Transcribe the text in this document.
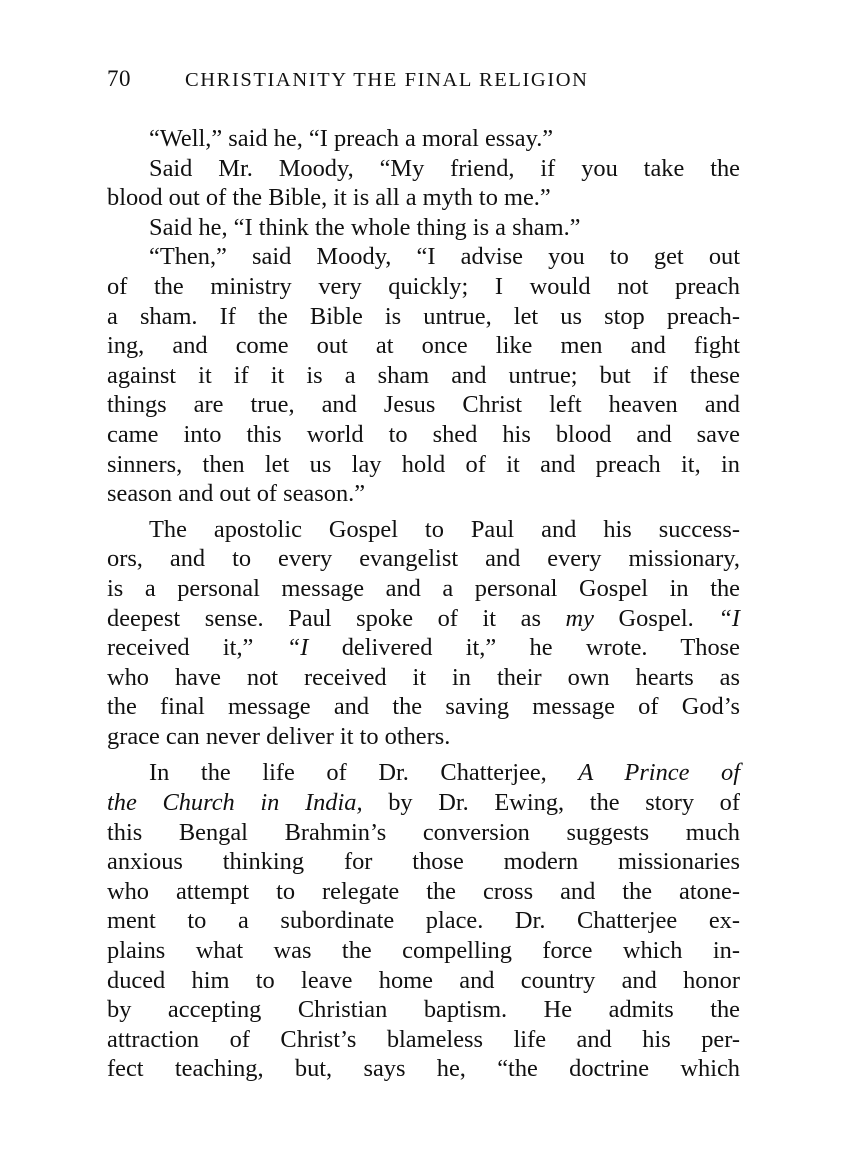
70	CHRISTIANITY THE FINAL RELIGION
“Well,” said he, “I preach a moral essay.”
Said Mr. Moody, “My friend, if you take the
blood out of the Bible, it is all a myth to me.”
Said he, “I think the whole thing is a sham.”
“Then,” said Moody, “I advise you to get out
of the ministry very quickly; I would not preach
a sham. If the Bible is untrue, let us stop preach-
ing, and come out at once like men and fight
against it if it is a sham and untrue; but if these
things are true, and Jesus Christ left heaven and
came into this world to shed his blood and save
sinners, then let us lay hold of it and preach it, in
season and out of season.”
The apostolic Gospel to Paul and his success-
ors, and to every evangelist and every missionary,
is a personal message and a personal Gospel in the
deepest sense. Paul spoke of it as my Gospel. “I
received it,” “I delivered it,” he wrote. Those
who have not received it in their own hearts as
the final message and the saving message of God’s
grace can never deliver it to others.
In the life of Dr. Chatterjee, A Prince of
the Church in India, by Dr. Ewing, the story of
this Bengal Brahmin’s conversion suggests much
anxious thinking for those modern missionaries
who attempt to relegate the cross and the atone-
ment to a subordinate place. Dr. Chatterjee ex-
plains what was the compelling force which in-
duced him to leave home and country and honor
by accepting Christian baptism. He admits the
attraction of Christ’s blameless life and his per-
fect teaching, but, says he, “the doctrine which
